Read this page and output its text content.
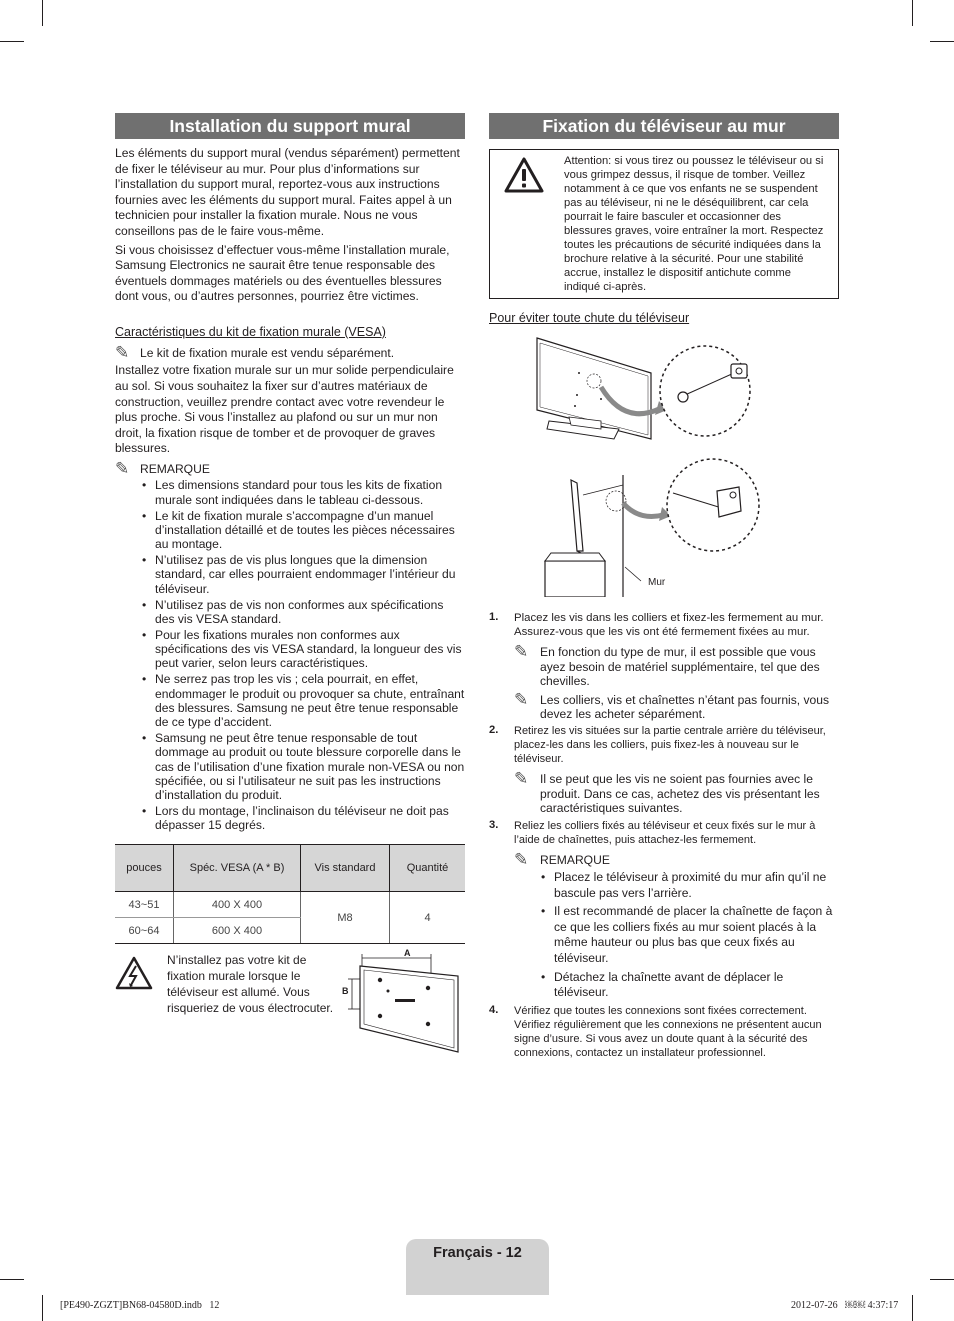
Installation du support mural

Les éléments du support mural (vendus séparément) permettent de fixer le téléviseur au mur. Pour plus d’informations sur l’installation du support mural, reportez-vous aux instructions fournies avec les éléments du support mural. Faites appel à un technicien pour installer la fixation murale. Nous ne vous conseillons pas de le faire vous-même.

Si vous choisissez d’effectuer vous-même l’installation murale, Samsung Electronics ne saurait être tenue responsable des éventuels dommages matériels ou des éventuelles blessures dont vous, ou d’autres personnes, pourriez être victimes.

Caractéristiques du kit de fixation murale (VESA)
✎ Le kit de fixation murale est vendu séparément.

Installez votre fixation murale sur un mur solide perpendiculaire au sol. Si vous souhaitez la fixer sur d’autres matériaux de construction, veuillez prendre contact avec votre revendeur le plus proche. Si vous l’installez au plafond ou sur un mur non droit, la fixation risque de tomber et de provoquer de graves blessures.

✎ REMARQUE
• Les dimensions standard pour tous les kits de fixation murale sont indiquées dans le tableau ci-dessous.
• Le kit de fixation murale s’accompagne d’un manuel d’installation détaillé et de toutes les pièces nécessaires au montage.
• N’utilisez pas de vis plus longues que la dimension standard, car elles pourraient endommager l’intérieur du téléviseur.
• N’utilisez pas de vis non conformes aux spécifications des vis VESA standard.
• Pour les fixations murales non conformes aux spécifications des vis VESA standard, la longueur des vis peut varier, selon leurs caractéristiques.
• Ne serrez pas trop les vis ; cela pourrait, en effet, endommager le produit ou provoquer sa chute, entraînant des blessures. Samsung ne peut être tenue responsable de ce type d’accident.
• Samsung ne peut être tenue responsable de tout dommage au produit ou toute blessure corporelle dans le cas de l’utilisation d’une fixation murale non-VESA ou non spécifiée, ou si l’utilisateur ne suit pas les instructions d’installation du produit.
• Lors du montage, l’inclinaison du téléviseur ne doit pas dépasser 15 degrés.
pouces	Spéc. VESA (A * B)	Vis standard	Quantité
43~51	400 X 400	M8	4
60~64	600 X 400		

N’installez pas votre kit de fixation murale lorsque le téléviseur est allumé. Vous risqueriez de vous électrocuter.

A
B
Fixation du téléviseur au mur

Attention: si vous tirez ou poussez le téléviseur ou si vous grimpez dessus, il risque de tomber. Veillez notamment à ce que vos enfants ne se suspendent pas au téléviseur, ni ne le déséquilibrent, car cela pourrait le faire basculer et occasionner des blessures graves, voire entraîner la mort. Respectez toutes les précautions de sécurité indiquées dans la brochure relative à la sécurité. Pour une stabilité accrue, installez le dispositif antichute comme indiqué ci-après.

Pour éviter toute chute du téléviseur
Mur
1. Placez les vis dans les colliers et fixez-les fermement au mur. Assurez-vous que les vis ont été fermement fixées au mur.

✎ En fonction du type de mur, il est possible que vous ayez besoin de matériel supplémentaire, tel que des chevilles.
✎ Les colliers, vis et chaînettes n’étant pas fournis, vous devez les acheter séparément.
2. Retirez les vis situées sur la partie centrale arrière du téléviseur, placez-les dans les colliers, puis fixez-les à nouveau sur le téléviseur.

✎ Il se peut que les vis ne soient pas fournies avec le produit. Dans ce cas, achetez des vis présentant les caractéristiques suivantes.
3. Reliez les colliers fixés au téléviseur et ceux fixés sur le mur à l’aide de chaînettes, puis attachez-les fermement.

✎ REMARQUE
• Placez le téléviseur à proximité du mur afin qu’il ne bascule pas vers l’arrière.
• Il est recommandé de placer la chaînette de façon à ce que les colliers fixés au mur soient placés à la même hauteur ou plus bas que ceux fixés au téléviseur.
• Détachez la chaînette avant de déplacer le téléviseur.
4. Vérifiez que toutes les connexions sont fixées correctement. Vérifiez régulièrement que les connexions ne présentent aucun signe d’usure. Si vous avez un doute quant à la sécurité des connexions, contactez un installateur professionnel.

Français - 12
[PE490-ZGZT]BN68-04580D.indb   12	2012-07-26   ￼￼ 4:37:17
